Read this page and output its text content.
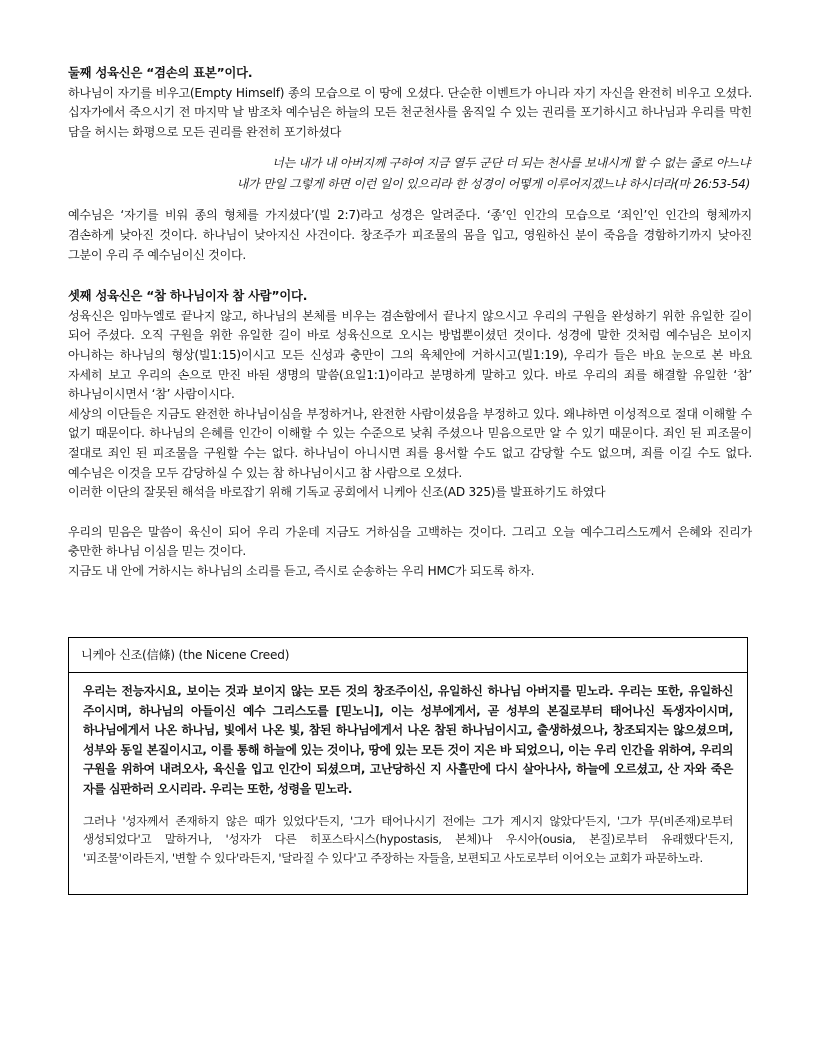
둘째 성육신은 “겸손의 표본”이다.

하나님이 자기를 비우고(Empty Himself) 종의 모습으로 이 땅에 오셨다. 단순한 이벤트가 아니라 자기 자신을 완전히 비우고 오셨다. 십자가에서 죽으시기 전 마지막 날 밤조차 예수님은 하늘의 모든 천군천사를 움직일 수 있는 권리를 포기하시고 하나님과 우리를 막힌 담을 허시는 화평으로 모든 권리를 완전히 포기하셨다

너는 내가 내 아버지께 구하여 지금 열두 군단 더 되는 천사를 보내시게 할 수 없는 줄로 아느냐

내가 만일 그렇게 하면 이런 일이 있으리라 한 성경이 어떻게 이루어지겠느냐 하시더라(마 26:53-54)

예수님은 ‘자기를 비워 종의 형체를 가지셨다’(빌 2:7)라고 성경은 알려준다. ‘종’인 인간의 모습으로 ‘죄인’인 인간의 형체까지 겸손하게 낮아진 것이다. 하나님이 낮아지신 사건이다. 창조주가 피조물의 몸을 입고, 영원하신 분이 죽음을 경함하기까지 낮아진 그분이 우리 주 예수님이신 것이다.

셋째 성육신은 “참 하나님이자 참 사람”이다.

성육신은 임마누엘로 끝나지 않고, 하나님의 본체를 비우는 겸손함에서 끝나지 않으시고 우리의 구원을 완성하기 위한 유일한 길이 되어 주셨다. 오직 구원을 위한 유일한 길이 바로 성육신으로 오시는 방법뿐이셨던 것이다. 성경에 말한 것처럼 예수님은 보이지 아니하는 하나님의 형상(빌1:15)이시고 모든 신성과 충만이 그의 육체안에 거하시고(빌1:19), 우리가 들은 바요 눈으로 본 바요 자세히 보고 우리의 손으로 만진 바된 생명의 말씀(요일1:1)이라고 분명하게 말하고 있다. 바로 우리의 죄를 해결할 유일한 ‘참’ 하나님이시면서 ‘참’ 사람이시다.

세상의 이단들은 지금도 완전한 하나님이심을 부정하거나, 완전한 사람이셨음을 부정하고 있다. 왜냐하면 이성적으로 절대 이해할 수 없기 때문이다. 하나님의 은혜를 인간이 이해할 수 있는 수준으로 낮춰 주셨으나 믿음으로만 알 수 있기 때문이다. 죄인 된 피조물이 절대로 죄인 된 피조물을 구원할 수는 없다. 하나님이 아니시면 죄를 용서할 수도 없고 감당할 수도 없으며, 죄를 이길 수도 없다. 예수님은 이것을 모두 감당하실 수 있는 참 하나님이시고 참 사람으로 오셨다.

이러한 이단의 잘못된 해석을 바로잡기 위해 기독교 공회에서 니케아 신조(AD 325)를 발표하기도 하였다

우리의 믿음은 말씀이 육신이 되어 우리 가운데 지금도 거하심을 고백하는 것이다. 그리고 오늘 예수그리스도께서 은혜와 진리가 충만한 하나님 이심을 믿는 것이다.

지금도 내 안에 거하시는 하나님의 소리를 듣고, 즉시로 순송하는 우리 HMC가 되도록 하자.

니케아 신조(信條) (the Nicene Creed)

우리는 전능자시요, 보이는 것과 보이지 않는 모든 것의 창조주이신, 유일하신 하나님 아버지를 믿노라. 우리는 또한, 유일하신 주이시며, 하나님의 아들이신 예수 그리스도를 [믿노니], 이는 성부에게서, 곧 성부의 본질로부터 태어나신 독생자이시며, 하나님에게서 나온 하나님, 빛에서 나온 빛, 참된 하나님에게서 나온 참된 하나님이시고, 출생하셨으나, 창조되지는 않으셨으며, 성부와 동일 본질이시고, 이를 통해 하늘에 있는 것이나, 땅에 있는 모든 것이 지은 바 되었으니, 이는 우리 인간을 위하여, 우리의 구원을 위하여 내려오사, 육신을 입고 인간이 되셨으며, 고난당하신 지 사흘만에 다시 살아나사, 하늘에 오르셨고, 산 자와 죽은 자를 심판하러 오시리라. 우리는 또한, 성령을 믿노라.

그러나 '성자께서 존재하지 않은 때가 있었다'든지, '그가 태어나시기 전에는 그가 계시지 않았다'든지, '그가 무(비존재)로부터 생성되었다'고 말하거나, '성자가 다른 히포스타시스(hypostasis, 본체)나 우시아(ousia, 본질)로부터 유래했다'든지, '피조물'이라든지, '변할 수 있다'라든지, '달라질 수 있다'고 주장하는 자들을, 보편되고 사도로부터 이어오는 교회가 파문하노라.
